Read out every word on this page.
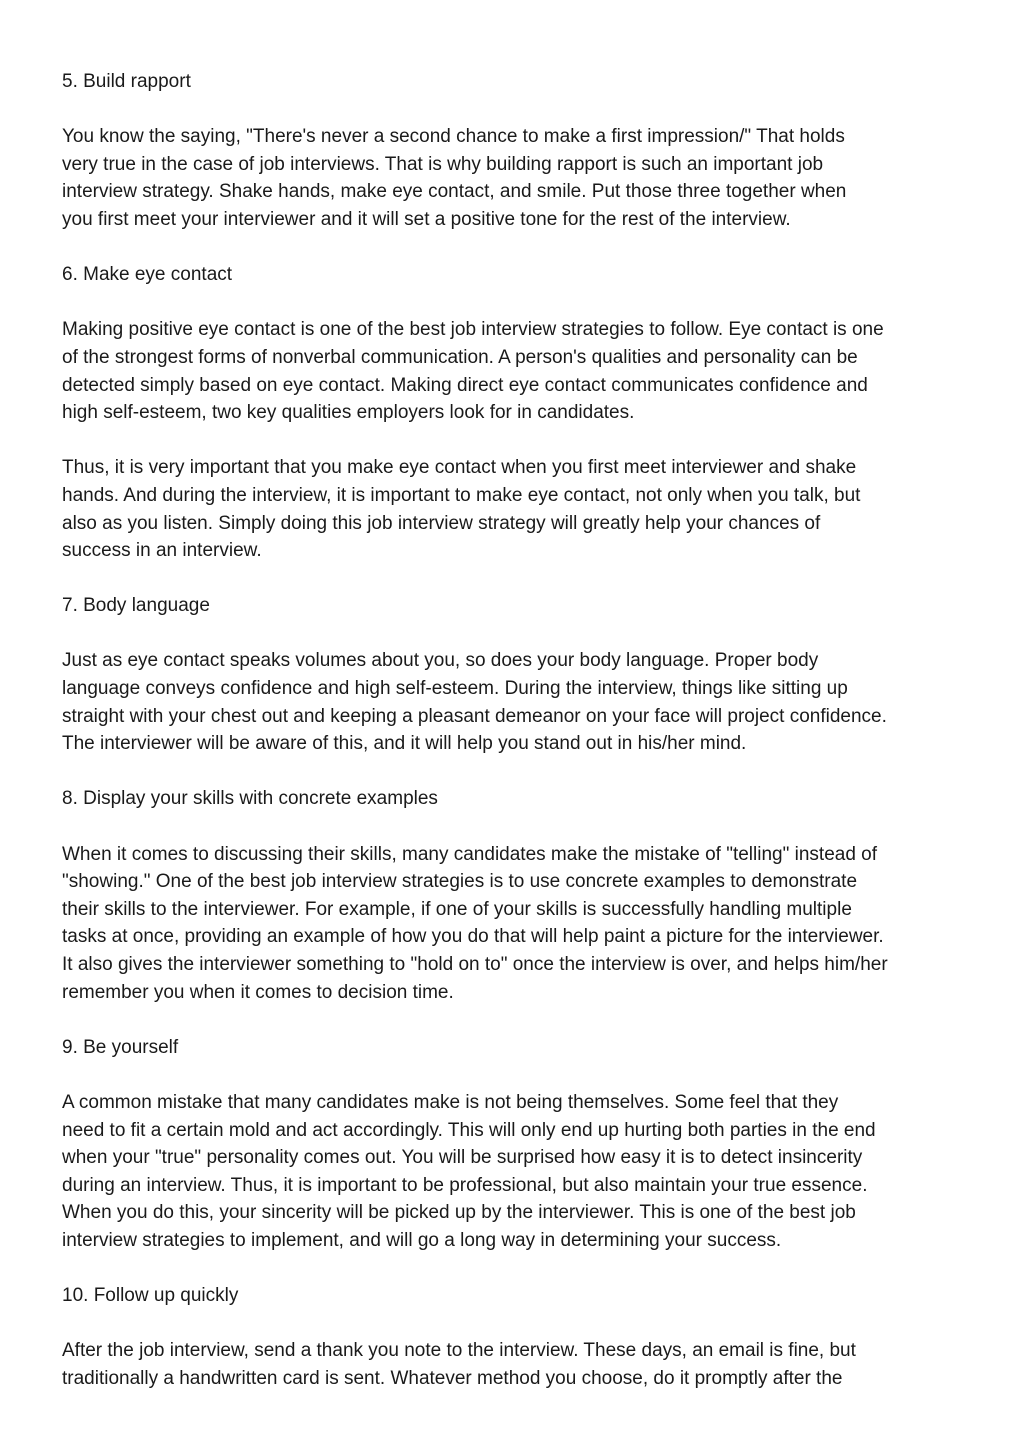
5. Build rapport
You know the saying, "There's never a second chance to make a first impression/" That holds
very true in the case of job interviews. That is why building rapport is such an important job
interview strategy. Shake hands, make eye contact, and smile. Put those three together when
you first meet your interviewer and it will set a positive tone for the rest of the interview.
6. Make eye contact
Making positive eye contact is one of the best job interview strategies to follow. Eye contact is one
of the strongest forms of nonverbal communication. A person's qualities and personality can be
detected simply based on eye contact. Making direct eye contact communicates confidence and
high self-esteem, two key qualities employers look for in candidates.
Thus, it is very important that you make eye contact when you first meet interviewer and shake
hands. And during the interview, it is important to make eye contact, not only when you talk, but
also as you listen. Simply doing this job interview strategy will greatly help your chances of
success in an interview.
7. Body language
Just as eye contact speaks volumes about you, so does your body language. Proper body
language conveys confidence and high self-esteem. During the interview, things like sitting up
straight with your chest out and keeping a pleasant demeanor on your face will project confidence.
The interviewer will be aware of this, and it will help you stand out in his/her mind.
8. Display your skills with concrete examples
When it comes to discussing their skills, many candidates make the mistake of "telling" instead of
"showing." One of the best job interview strategies is to use concrete examples to demonstrate
their skills to the interviewer. For example, if one of your skills is successfully handling multiple
tasks at once, providing an example of how you do that will help paint a picture for the interviewer.
It also gives the interviewer something to "hold on to" once the interview is over, and helps him/her
remember you when it comes to decision time.
9. Be yourself
A common mistake that many candidates make is not being themselves. Some feel that they
need to fit a certain mold and act accordingly. This will only end up hurting both parties in the end
when your "true" personality comes out. You will be surprised how easy it is to detect insincerity
during an interview. Thus, it is important to be professional, but also maintain your true essence.
When you do this, your sincerity will be picked up by the interviewer. This is one of the best job
interview strategies to implement, and will go a long way in determining your success.
10. Follow up quickly
After the job interview, send a thank you note to the interview. These days, an email is fine, but
traditionally a handwritten card is sent. Whatever method you choose, do it promptly after the
